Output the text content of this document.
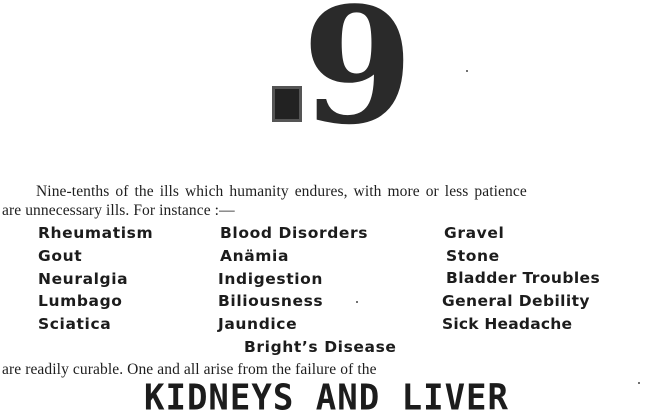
9
Nine-tenths of the ills which humanity endures, with more or less patience
are unnecessary ills. For instance :—
Rheumatism
Gout
Neuralgia
Lumbago
Sciatica
Blood Disorders
Anämia
Indigestion
Biliousness
Jaundice
Gravel
Stone
Bladder Troubles
General Debility
Sick Headache
Bright’s Disease
are readily curable. One and all arise from the failure of the
KIDNEYS AND LIVER
